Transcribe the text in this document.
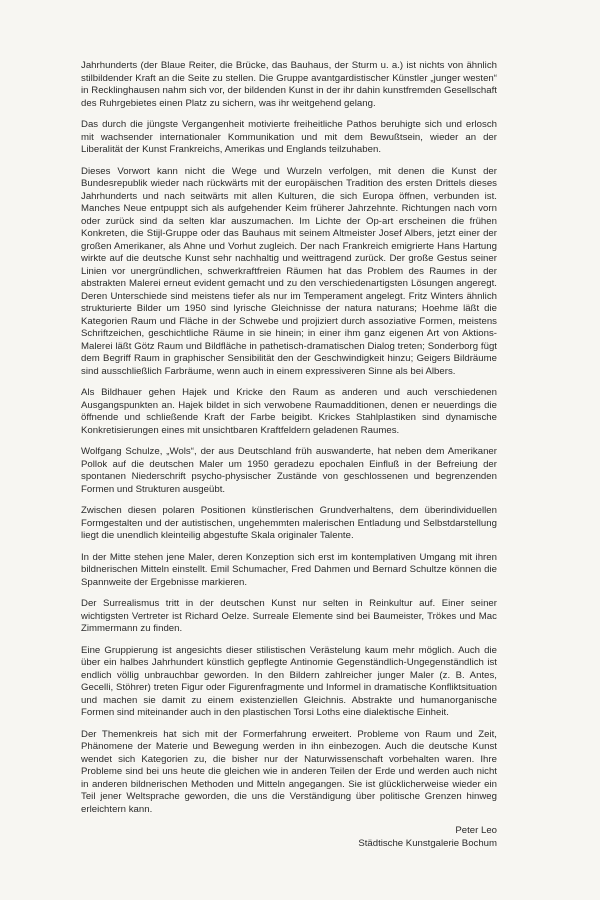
Jahrhunderts (der Blaue Reiter, die Brücke, das Bauhaus, der Sturm u. a.) ist nichts von ähnlich stilbildender Kraft an die Seite zu stellen. Die Gruppe avantgardistischer Künstler „junger westen“ in Recklinghausen nahm sich vor, der bildenden Kunst in der ihr dahin kunstfremden Gesellschaft des Ruhrgebietes einen Platz zu sichern, was ihr weitgehend gelang.

Das durch die jüngste Vergangenheit motivierte freiheitliche Pathos beruhigte sich und erlosch mit wachsender internationaler Kommunikation und mit dem Bewußtsein, wieder an der Liberalität der Kunst Frankreichs, Amerikas und Englands teilzuhaben.

Dieses Vorwort kann nicht die Wege und Wurzeln verfolgen, mit denen die Kunst der Bundesrepublik wieder nach rückwärts mit der europäischen Tradition des ersten Drittels dieses Jahrhunderts und nach seitwärts mit allen Kulturen, die sich Europa öffnen, verbunden ist. Manches Neue entpuppt sich als aufgehender Keim früherer Jahrzehnte. Richtungen nach vorn oder zurück sind da selten klar auszumachen. Im Lichte der Op-art erscheinen die frühen Konkreten, die Stijl-Gruppe oder das Bauhaus mit seinem Altmeister Josef Albers, jetzt einer der großen Amerikaner, als Ahne und Vorhut zugleich. Der nach Frankreich emigrierte Hans Hartung wirkte auf die deutsche Kunst sehr nachhaltig und weittragend zurück. Der große Gestus seiner Linien vor unergründlichen, schwerkraftfreien Räumen hat das Problem des Raumes in der abstrakten Malerei erneut evident gemacht und zu den verschiedenartigsten Lösungen angeregt. Deren Unterschiede sind meistens tiefer als nur im Temperament angelegt. Fritz Winters ähnlich strukturierte Bilder um 1950 sind lyrische Gleichnisse der natura naturans; Hoehme läßt die Kategorien Raum und Fläche in der Schwebe und projiziert durch assoziative Formen, meistens Schriftzeichen, geschichtliche Räume in sie hinein; in einer ihm ganz eigenen Art von Aktions-Malerei läßt Götz Raum und Bildfläche in pathetisch-dramatischen Dialog treten; Sonderborg fügt dem Begriff Raum in graphischer Sensibilität den der Geschwindigkeit hinzu; Geigers Bildräume sind ausschließlich Farbräume, wenn auch in einem expressiveren Sinne als bei Albers.

Als Bildhauer gehen Hajek und Kricke den Raum as anderen und auch verschiedenen Ausgangspunkten an. Hajek bildet in sich verwobene Raumadditionen, denen er neuerdings die öffnende und schließende Kraft der Farbe beigibt. Krickes Stahlplastiken sind dynamische Konkretisierungen eines mit unsichtbaren Kraftfeldern geladenen Raumes.

Wolfgang Schulze, „Wols“, der aus Deutschland früh auswanderte, hat neben dem Amerikaner Pollok auf die deutschen Maler um 1950 geradezu epochalen Einfluß in der Befreiung der spontanen Niederschrift psycho-physischer Zustände von geschlossenen und begrenzenden Formen und Strukturen ausgeübt.

Zwischen diesen polaren Positionen künstlerischen Grundverhaltens, dem überindividuellen Formgestalten und der autistischen, ungehemmten malerischen Entladung und Selbstdarstellung liegt die unendlich kleinteilig abgestufte Skala originaler Talente.

In der Mitte stehen jene Maler, deren Konzeption sich erst im kontemplativen Umgang mit ihren bildnerischen Mitteln einstellt. Emil Schumacher, Fred Dahmen und Bernard Schultze können die Spannweite der Ergebnisse markieren.

Der Surrealismus tritt in der deutschen Kunst nur selten in Reinkultur auf. Einer seiner wichtigsten Vertreter ist Richard Oelze. Surreale Elemente sind bei Baumeister, Trökes und Mac Zimmermann zu finden.

Eine Gruppierung ist angesichts dieser stilistischen Verästelung kaum mehr möglich. Auch die über ein halbes Jahrhundert künstlich gepflegte Antinomie Gegenständlich-Ungegenständlich ist endlich völlig unbrauchbar geworden. In den Bildern zahlreicher junger Maler (z. B. Antes, Gecelli, Stöhrer) treten Figur oder Figurenfragmente und Informel in dramatische Konfliktsituation und machen sie damit zu einem existenziellen Gleichnis. Abstrakte und humanorganische Formen sind miteinander auch in den plastischen Torsi Loths eine dialektische Einheit.

Der Themenkreis hat sich mit der Formerfahrung erweitert. Probleme von Raum und Zeit, Phänomene der Materie und Bewegung werden in ihn einbezogen. Auch die deutsche Kunst wendet sich Kategorien zu, die bisher nur der Naturwissenschaft vorbehalten waren. Ihre Probleme sind bei uns heute die gleichen wie in anderen Teilen der Erde und werden auch nicht in anderen bildnerischen Methoden und Mitteln angegangen. Sie ist glücklicherweise wieder ein Teil jener Weltsprache geworden, die uns die Verständigung über politische Grenzen hinweg erleichtern kann.

Peter Leo
Städtische Kunstgalerie Bochum
